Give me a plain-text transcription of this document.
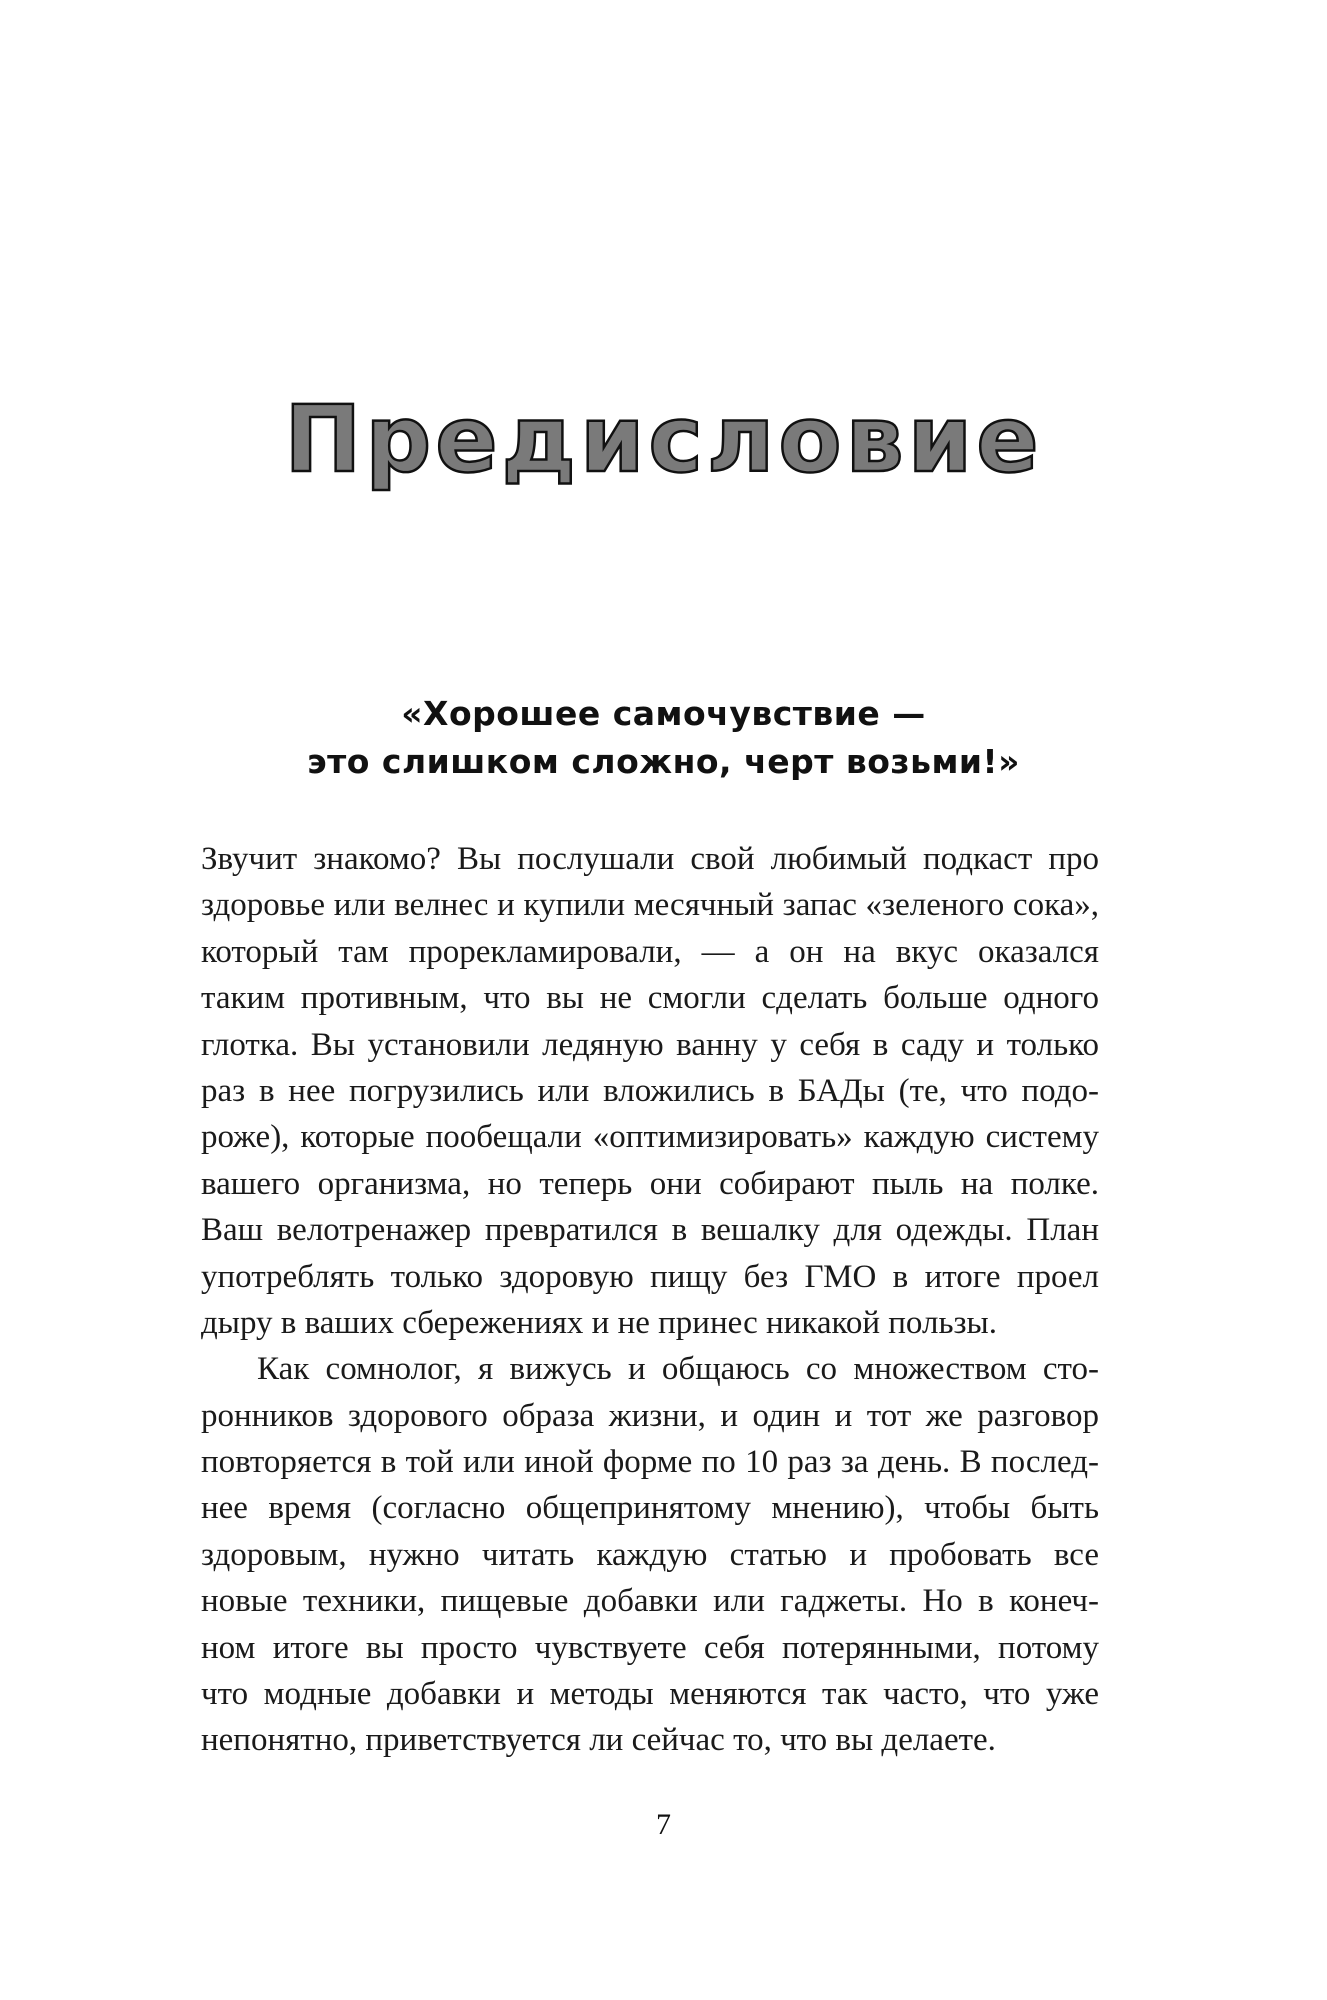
Предисловие
«Хорошее самочувствие —
это слишком сложно, черт возьми!»
Звучит знакомо? Вы послушали свой любимый подкаст про
здоровье или велнес и купили месячный запас «зеленого сока»,
который там прорекламировали, — а он на вкус оказался
таким противным, что вы не смогли сделать больше одного
глотка. Вы установили ледяную ванну у себя в саду и только
раз в нее погрузились или вложились в БАДы (те, что подо-
роже), которые пообещали «оптимизировать» каждую систему
вашего организма, но теперь они собирают пыль на полке.
Ваш велотренажер превратился в вешалку для одежды. План
употреблять только здоровую пищу без ГМО в итоге проел
дыру в ваших сбережениях и не принес никакой пользы.
Как сомнолог, я вижусь и общаюсь со множеством сто-
ронников здорового образа жизни, и один и тот же разговор
повторяется в той или иной форме по 10 раз за день. В послед-
нее время (согласно общепринятому мнению), чтобы быть
здоровым, нужно читать каждую статью и пробовать все
новые техники, пищевые добавки или гаджеты. Но в конеч-
ном итоге вы просто чувствуете себя потерянными, потому
что модные добавки и методы меняются так часто, что уже
непонятно, приветствуется ли сейчас то, что вы делаете.
7
